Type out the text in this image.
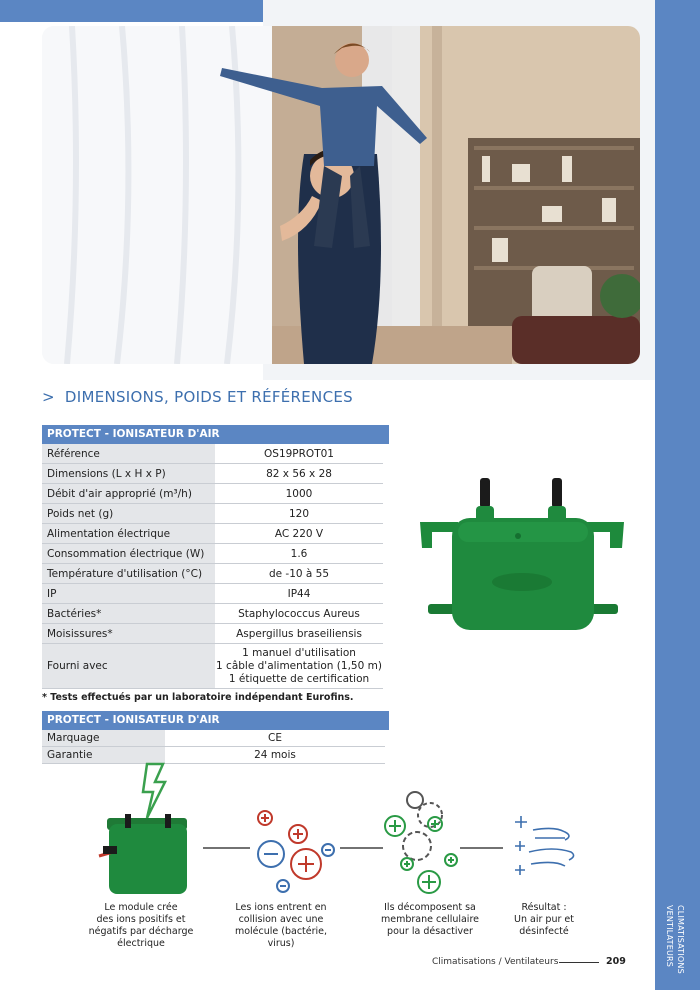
CLIMATISATIONS
VENTILATEURS
> DIMENSIONS, POIDS ET RÉFÉRENCES
PROTECT - IONISATEUR D'AIR
Référence	OS19PROT01
Dimensions (L x H x P)	82 x 56 x 28
Débit d'air approprié (m³/h)	1000
Poids net (g)	120
Alimentation électrique	AC 220 V
Consommation électrique (W)	1.6
Température d'utilisation (°C)	de -10 à 55
IP	IP44
Bactéries*	Staphylococcus Aureus
Moisissures*	Aspergillus braseiliensis
Fourni avec	1 manuel d'utilisation
1 câble d'alimentation (1,50 m)
1 étiquette de certification
* Tests effectués par un laboratoire indépendant Eurofins.
PROTECT - IONISATEUR D'AIR
Marquage	CE
Garantie	24 mois
Le module crée
des ions positifs et
négatifs par décharge
électrique
Les ions entrent en
collision avec une
molécule (bactérie,
virus)
Ils décomposent sa
membrane cellulaire
pour la désactiver
Résultat :
Un air pur et
désinfecté
Climatisations / Ventilateurs	209
